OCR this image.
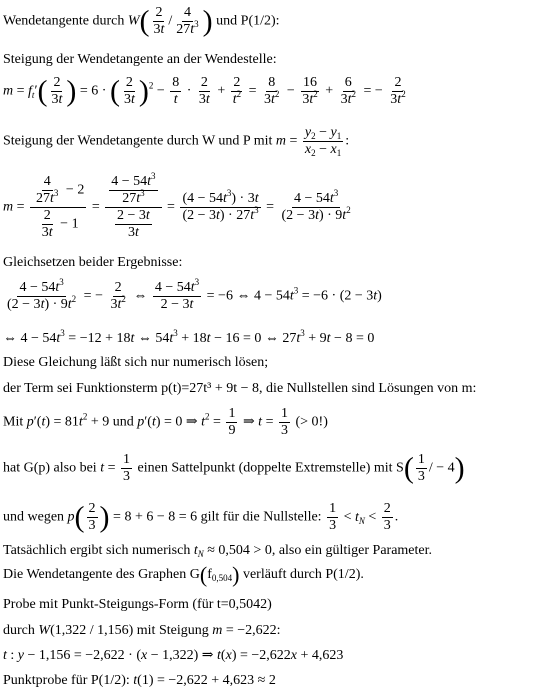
Wendetangente durch $W( \frac{2}{3t} / \frac{4}{27t^3}$ ) und P(1/2):
Steigung der Wendetangente an der Wendestelle:
$m = f_t'( \frac{2}{3t}$ ) = 6 · ( $\frac{2}{3t} )^2 - \frac{8}{t} \cdot \frac{2}{3t} + \frac{2}{t^2} = \frac{8}{3t^2} - \frac{16}{3t^2} + \frac{6}{3t^2}$ = − $\frac{2}{3t^2}$
Steigung der Wendetangente durch W und P mit $m = \frac{y_2 - y_1}{x_2 - x_1}$ :
$m = \frac{\frac{4}{27t^3} - 2}{\frac{2}{3t} - 1} = \frac{\frac{4 - 54t^3}{27t^3}}{\frac{2 - 3t}{3t}} = \frac{(4 - 54t^3) \cdot 3t}{(2 - 3t) \cdot 27t^3} = \frac{4 - 54t^3}{(2 - 3t) \cdot 9t^2}$
Gleichsetzen beider Ergebnisse:
$\frac{4 - 54t^3}{(2 - 3t) \cdot 9t^2}$ = − $\frac{2}{3t^2}$ ⇔ $\frac{4 - 54t^3}{2 - 3t} = -6$ ⇔ $4 - 54t^3 = -6 \cdot (2 - 3t)$
⇔ $4 - 54t^3 = -12 + 18t$ ⇔ $54t^3 + 18t - 16 = 0$ ⇔ $27t^3 + 9t - 8 = 0$
Diese Gleichung läßt sich nur numerisch lösen;
der Term sei Funktionsterm p(t)=27t³ + 9t − 8, die Nullstellen sind Lösungen von m:
Mit $p'(t) = 81t^2 + 9$ und p′(t) = 0 ⇒ $t^2 = \frac{1}{9}$ ⇒ $t = \frac{1}{3}$ (> 0!)
hat G(p) also bei $t = \frac{1}{3}$ einen Sattelpunkt (doppelte Extremstelle) mit $S( \frac{1}{3}$ / − 4)
und wegen $p( \frac{2}{3}$ ) = 8 + 6 − 8 = 6 gilt für die Nullstelle: $\frac{1}{3} < t_N < \frac{2}{3}$ .
Tatsächlich ergibt sich numerisch $t_N \approx 0,504 > 0$, also ein gültiger Parameter.
Die Wendetangente des Graphen $G(f_{0,504})$ verläuft durch P(1/2).
Probe mit Punkt-Steigungs-Form (für t=0,5042)
durch W(1,322 / 1,156) mit Steigung m = −2,622:
t : y − 1,156 = −2,622 · (x − 1,322) ⇒ t(x) = −2,622x + 4,623
Punktprobe für P(1/2): t(1) = −2,622 + 4,623 ≈ 2
